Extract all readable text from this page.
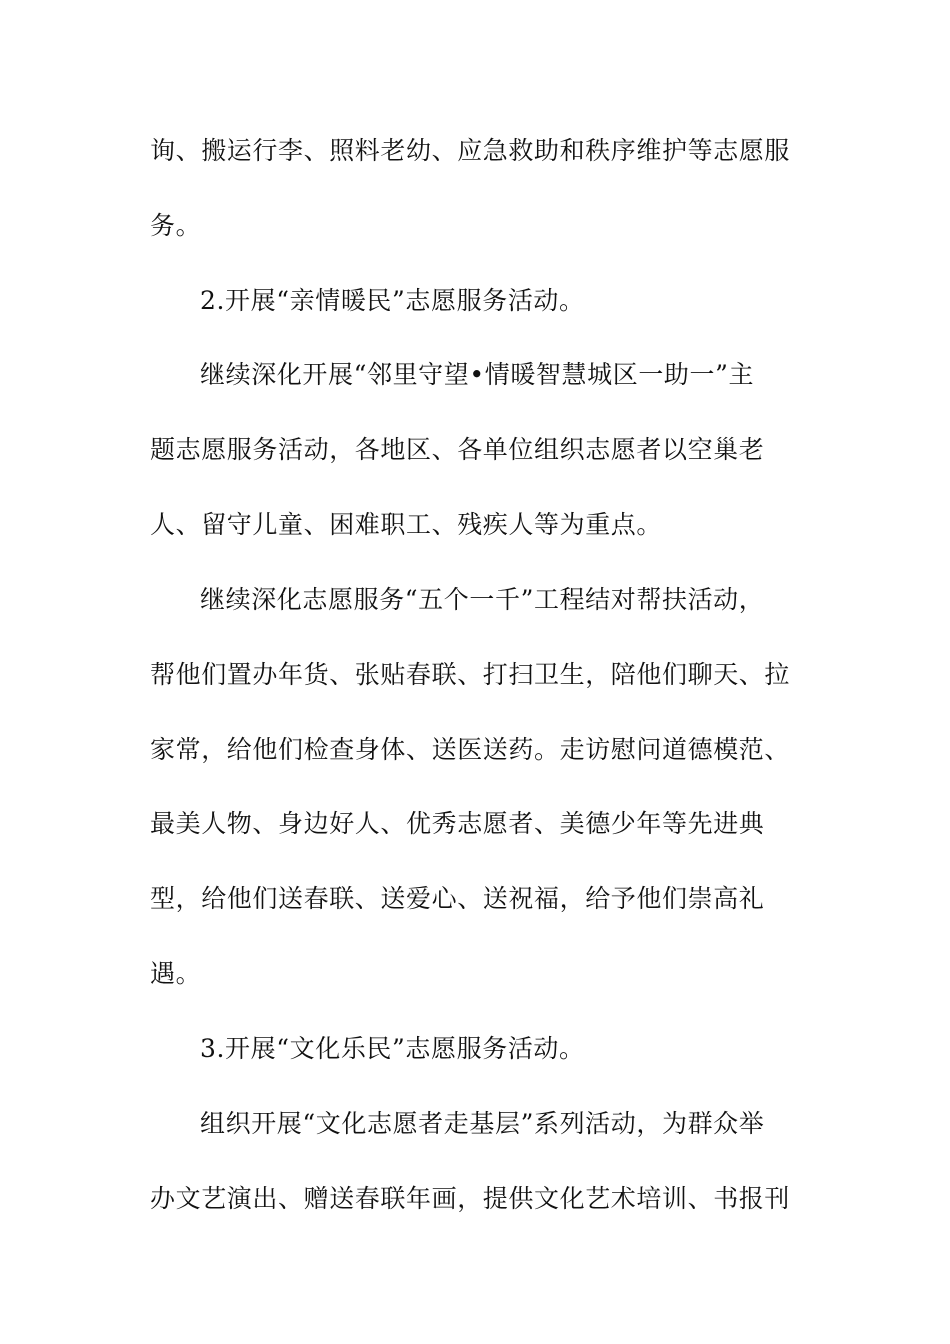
询、搬运行李、照料老幼、应急救助和秩序维护等志愿服
务。
2.开展“亲情暖民”志愿服务活动。
继续深化开展“邻里守望•情暖智慧城区一助一”主
题志愿服务活动，各地区、各单位组织志愿者以空巢老
人、留守儿童、困难职工、残疾人等为重点。
继续深化志愿服务“五个一千”工程结对帮扶活动，
帮他们置办年货、张贴春联、打扫卫生，陪他们聊天、拉
家常，给他们检查身体、送医送药。走访慰问道德模范、
最美人物、身边好人、优秀志愿者、美德少年等先进典
型，给他们送春联、送爱心、送祝福，给予他们崇高礼
遇。
3.开展“文化乐民”志愿服务活动。
组织开展“文化志愿者走基层”系列活动，为群众举
办文艺演出、赠送春联年画，提供文化艺术培训、书报刊
